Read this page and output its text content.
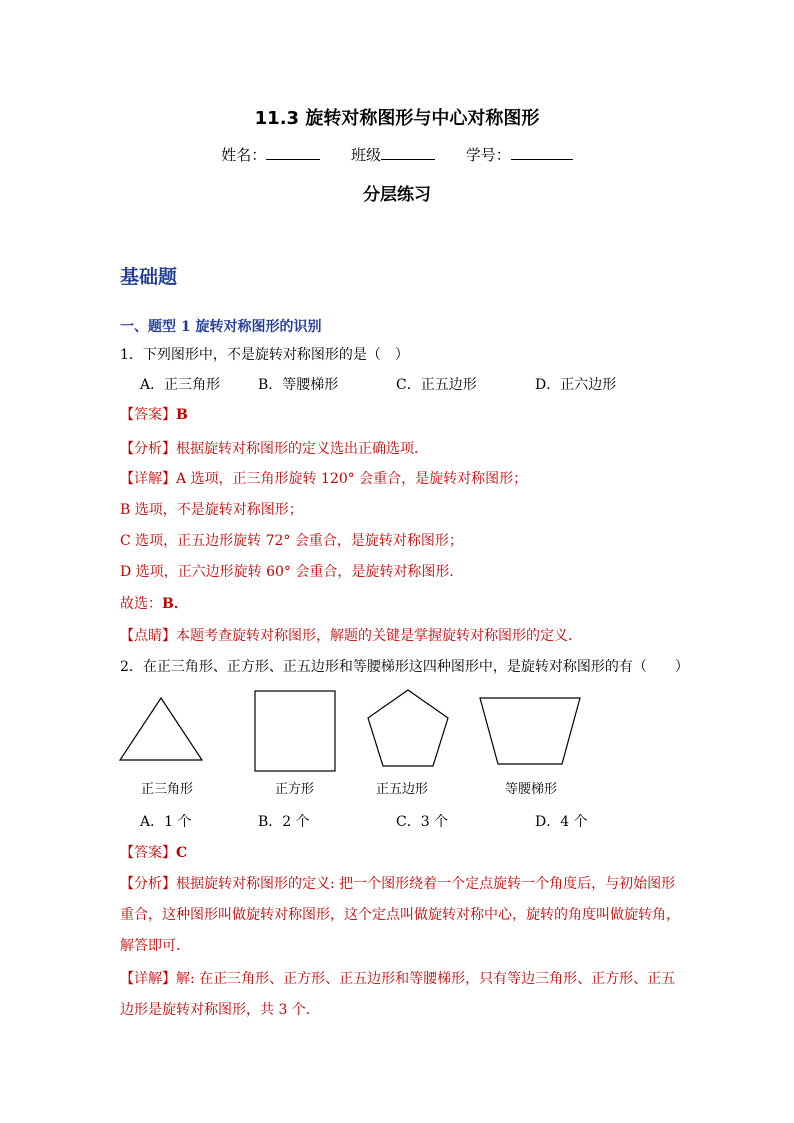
11.3 旋转对称图形与中心对称图形
姓名：	班级	学号：
分层练习
基础题
一、题型 1 旋转对称图形的识别
1．下列图形中，不是旋转对称图形的是（　）
A．正三角形	B．等腰梯形	C．正五边形	D．正六边形
【答案】B
【分析】根据旋转对称图形的定义选出正确选项．
【详解】A 选项，正三角形旋转 120° 会重合，是旋转对称图形；
B 选项，不是旋转对称图形；
C 选项，正五边形旋转 72° 会重合，是旋转对称图形；
D 选项，正六边形旋转 60° 会重合，是旋转对称图形．
故选：B．
【点睛】本题考查旋转对称图形，解题的关键是掌握旋转对称图形的定义．
2．在正三角形、正方形、正五边形和等腰梯形这四种图形中，是旋转对称图形的有（　　）
正三角形	正方形	正五边形	等腰梯形
A．1 个	B．2 个	C．3 个	D．4 个
【答案】C
【分析】根据旋转对称图形的定义: 把一个图形绕着一个定点旋转一个角度后，与初始图形
重合，这种图形叫做旋转对称图形，这个定点叫做旋转对称中心，旋转的角度叫做旋转角，
解答即可．
【详解】解: 在正三角形、正方形、正五边形和等腰梯形，只有等边三角形、正方形、正五
边形是旋转对称图形，共 3 个．
